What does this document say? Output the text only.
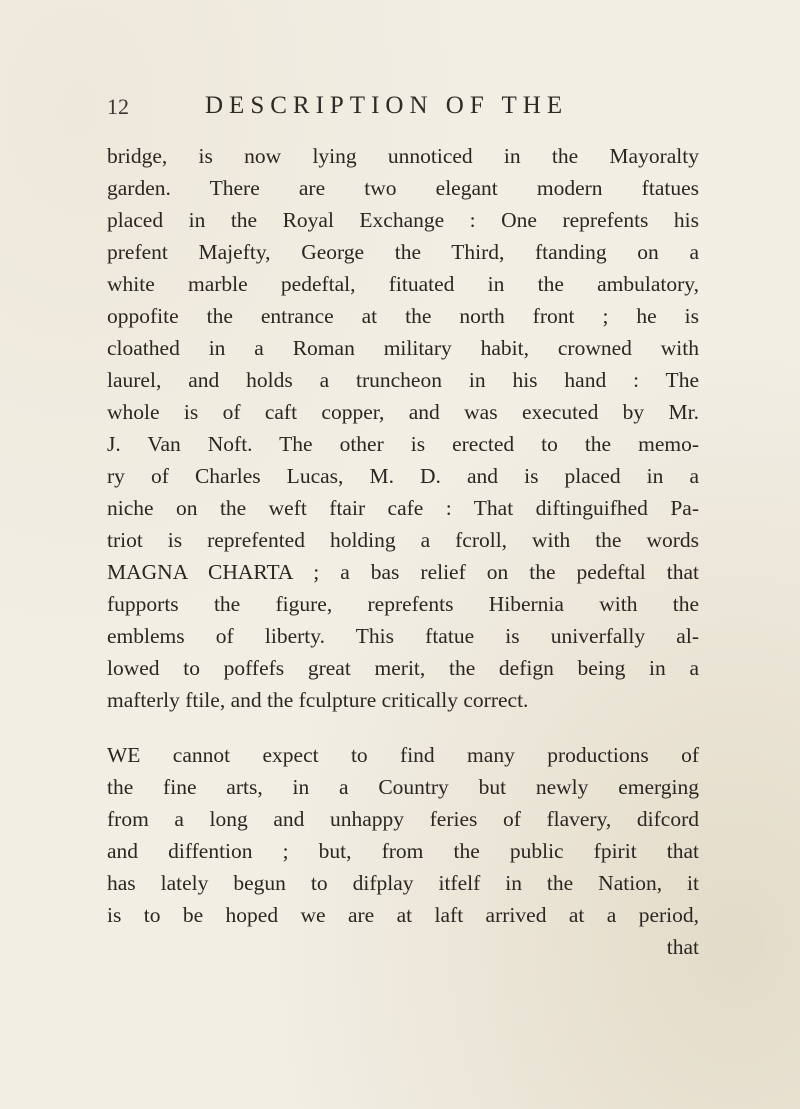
12	DESCRIPTION OF THE
bridge, is now lying unnoticed in the Mayoralty
garden. There are two elegant modern ftatues
placed in the Royal Exchange : One reprefents his
prefent Majefty, George the Third, ftanding on a
white marble pedeftal, fituated in the ambulatory,
oppofite the entrance at the north front ; he is
cloathed in a Roman military habit, crowned with
laurel, and holds a truncheon in his hand : The
whole is of caft copper, and was executed by Mr.
J. Van Noft. The other is erected to the memo-
ry of Charles Lucas, M. D. and is placed in a
niche on the weft ftair cafe : That diftinguifhed Pa-
triot is reprefented holding a fcroll, with the words
MAGNA CHARTA ; a bas relief on the pedeftal that
fupports the figure, reprefents Hibernia with the
emblems of liberty. This ftatue is univerfally al-
lowed to poffefs great merit, the defign being in a
mafterly ftile, and the fculpture critically correct.
WE cannot expect to find many productions of
the fine arts, in a Country but newly emerging
from a long and unhappy feries of flavery, difcord
and diffention ; but, from the public fpirit that
has lately begun to difplay itfelf in the Nation, it
is to be hoped we are at laft arrived at a period,
that
